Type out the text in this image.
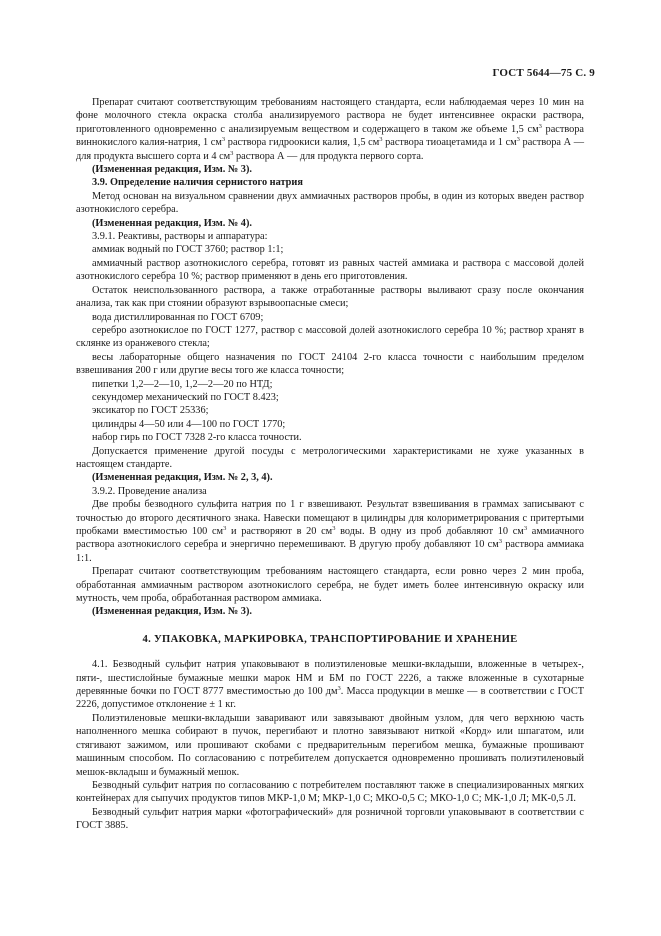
ГОСТ 5644—75 С. 9

Препарат считают соответствующим требованиям настоящего стандарта, если наблюдаемая через 10 мин на фоне молочного стекла окраска столба анализируемого раствора не будет интенсивнее окраски раствора, приготовленного одновременно с анализируемым веществом и содержащего в таком же объеме 1,5 $см^3$ раствора виннокислого калия-натрия, 1 $см^3$ раствора гидроокиси калия, 1,5 $см^3$ раствора тиоацетамида и 1 $см^3$ раствора А — для продукта высшего сорта и 4 $см^3$ раствора А — для продукта первого сорта.

(Измененная редакция, Изм. № 3).

3.9. Определение наличия сернистого натрия

Метод основан на визуальном сравнении двух аммиачных растворов пробы, в один из которых введен раствор азотнокислого серебра.

(Измененная редакция, Изм. № 4).

3.9.1. Реактивы, растворы и аппаратура:

аммиак водный по ГОСТ 3760; раствор 1:1;

аммиачный раствор азотнокислого серебра, готовят из равных частей аммиака и раствора с массовой долей азотнокислого серебра 10 %; раствор применяют в день его приготовления.

Остаток неиспользованного раствора, а также отработанные растворы выливают сразу после окончания анализа, так как при стоянии образуют взрывоопасные смеси;

вода дистиллированная по ГОСТ 6709;

серебро азотнокислое по ГОСТ 1277, раствор с массовой долей азотнокислого серебра 10 %; раствор хранят в склянке из оранжевого стекла;

весы лабораторные общего назначения по ГОСТ 24104 2-го класса точности с наибольшим пределом взвешивания 200 г или другие весы того же класса точности;

пипетки 1,2—2—10, 1,2—2—20 по НТД;

секундомер механический по ГОСТ 8.423;

эксикатор по ГОСТ 25336;

цилиндры 4—50 или 4—100 по ГОСТ 1770;

набор гирь по ГОСТ 7328 2-го класса точности.

Допускается применение другой посуды с метрологическими характеристиками не хуже указанных в настоящем стандарте.

(Измененная редакция, Изм. № 2, 3, 4).

3.9.2. Проведение анализа

Две пробы безводного сульфита натрия по 1 г взвешивают. Результат взвешивания в граммах записывают с точностью до второго десятичного знака. Навески помещают в цилиндры для колориметрирования с притертыми пробками вместимостью 100 $см^3$ и растворяют в 20 $см^3$ воды. В одну из проб добавляют 10 $см^3$ аммиачного раствора азотнокислого серебра и энергично перемешивают. В другую пробу добавляют 10 $см^3$ раствора аммиака 1:1.

Препарат считают соответствующим требованиям настоящего стандарта, если ровно через 2 мин проба, обработанная аммиачным раствором азотнокислого серебра, не будет иметь более интенсивную окраску или мутность, чем проба, обработанная раствором аммиака.

(Измененная редакция, Изм. № 3).

4. УПАКОВКА, МАРКИРОВКА, ТРАНСПОРТИРОВАНИЕ И ХРАНЕНИЕ

4.1. Безводный сульфит натрия упаковывают в полиэтиленовые мешки-вкладыши, вложенные в четырех-, пяти-, шестислойные бумажные мешки марок НМ и БМ по ГОСТ 2226, а также вложенные в сухотарные деревянные бочки по ГОСТ 8777 вместимостью до 100 $дм^3$. Масса продукции в мешке — в соответствии с ГОСТ 2226, допустимое отклонение ± 1 кг.

Полиэтиленовые мешки-вкладыши заваривают или завязывают двойным узлом, для чего верхнюю часть наполненного мешка собирают в пучок, перегибают и плотно завязывают ниткой «Корд» или шпагатом, или стягивают зажимом, или прошивают скобами с предварительным перегибом мешка, бумажные прошивают машинным способом. По согласованию с потребителем допускается одновременно прошивать полиэтиленовый мешок-вкладыш и бумажный мешок.

Безводный сульфит натрия по согласованию с потребителем поставляют также в специализированных мягких контейнерах для сыпучих продуктов типов МКР-1,0 М; МКР-1,0 С; МКО-0,5 С; МКО-1,0 С; МК-1,0 Л; МК-0,5 Л.

Безводный сульфит натрия марки «фотографический» для розничной торговли упаковывают в соответствии с ГОСТ 3885.
